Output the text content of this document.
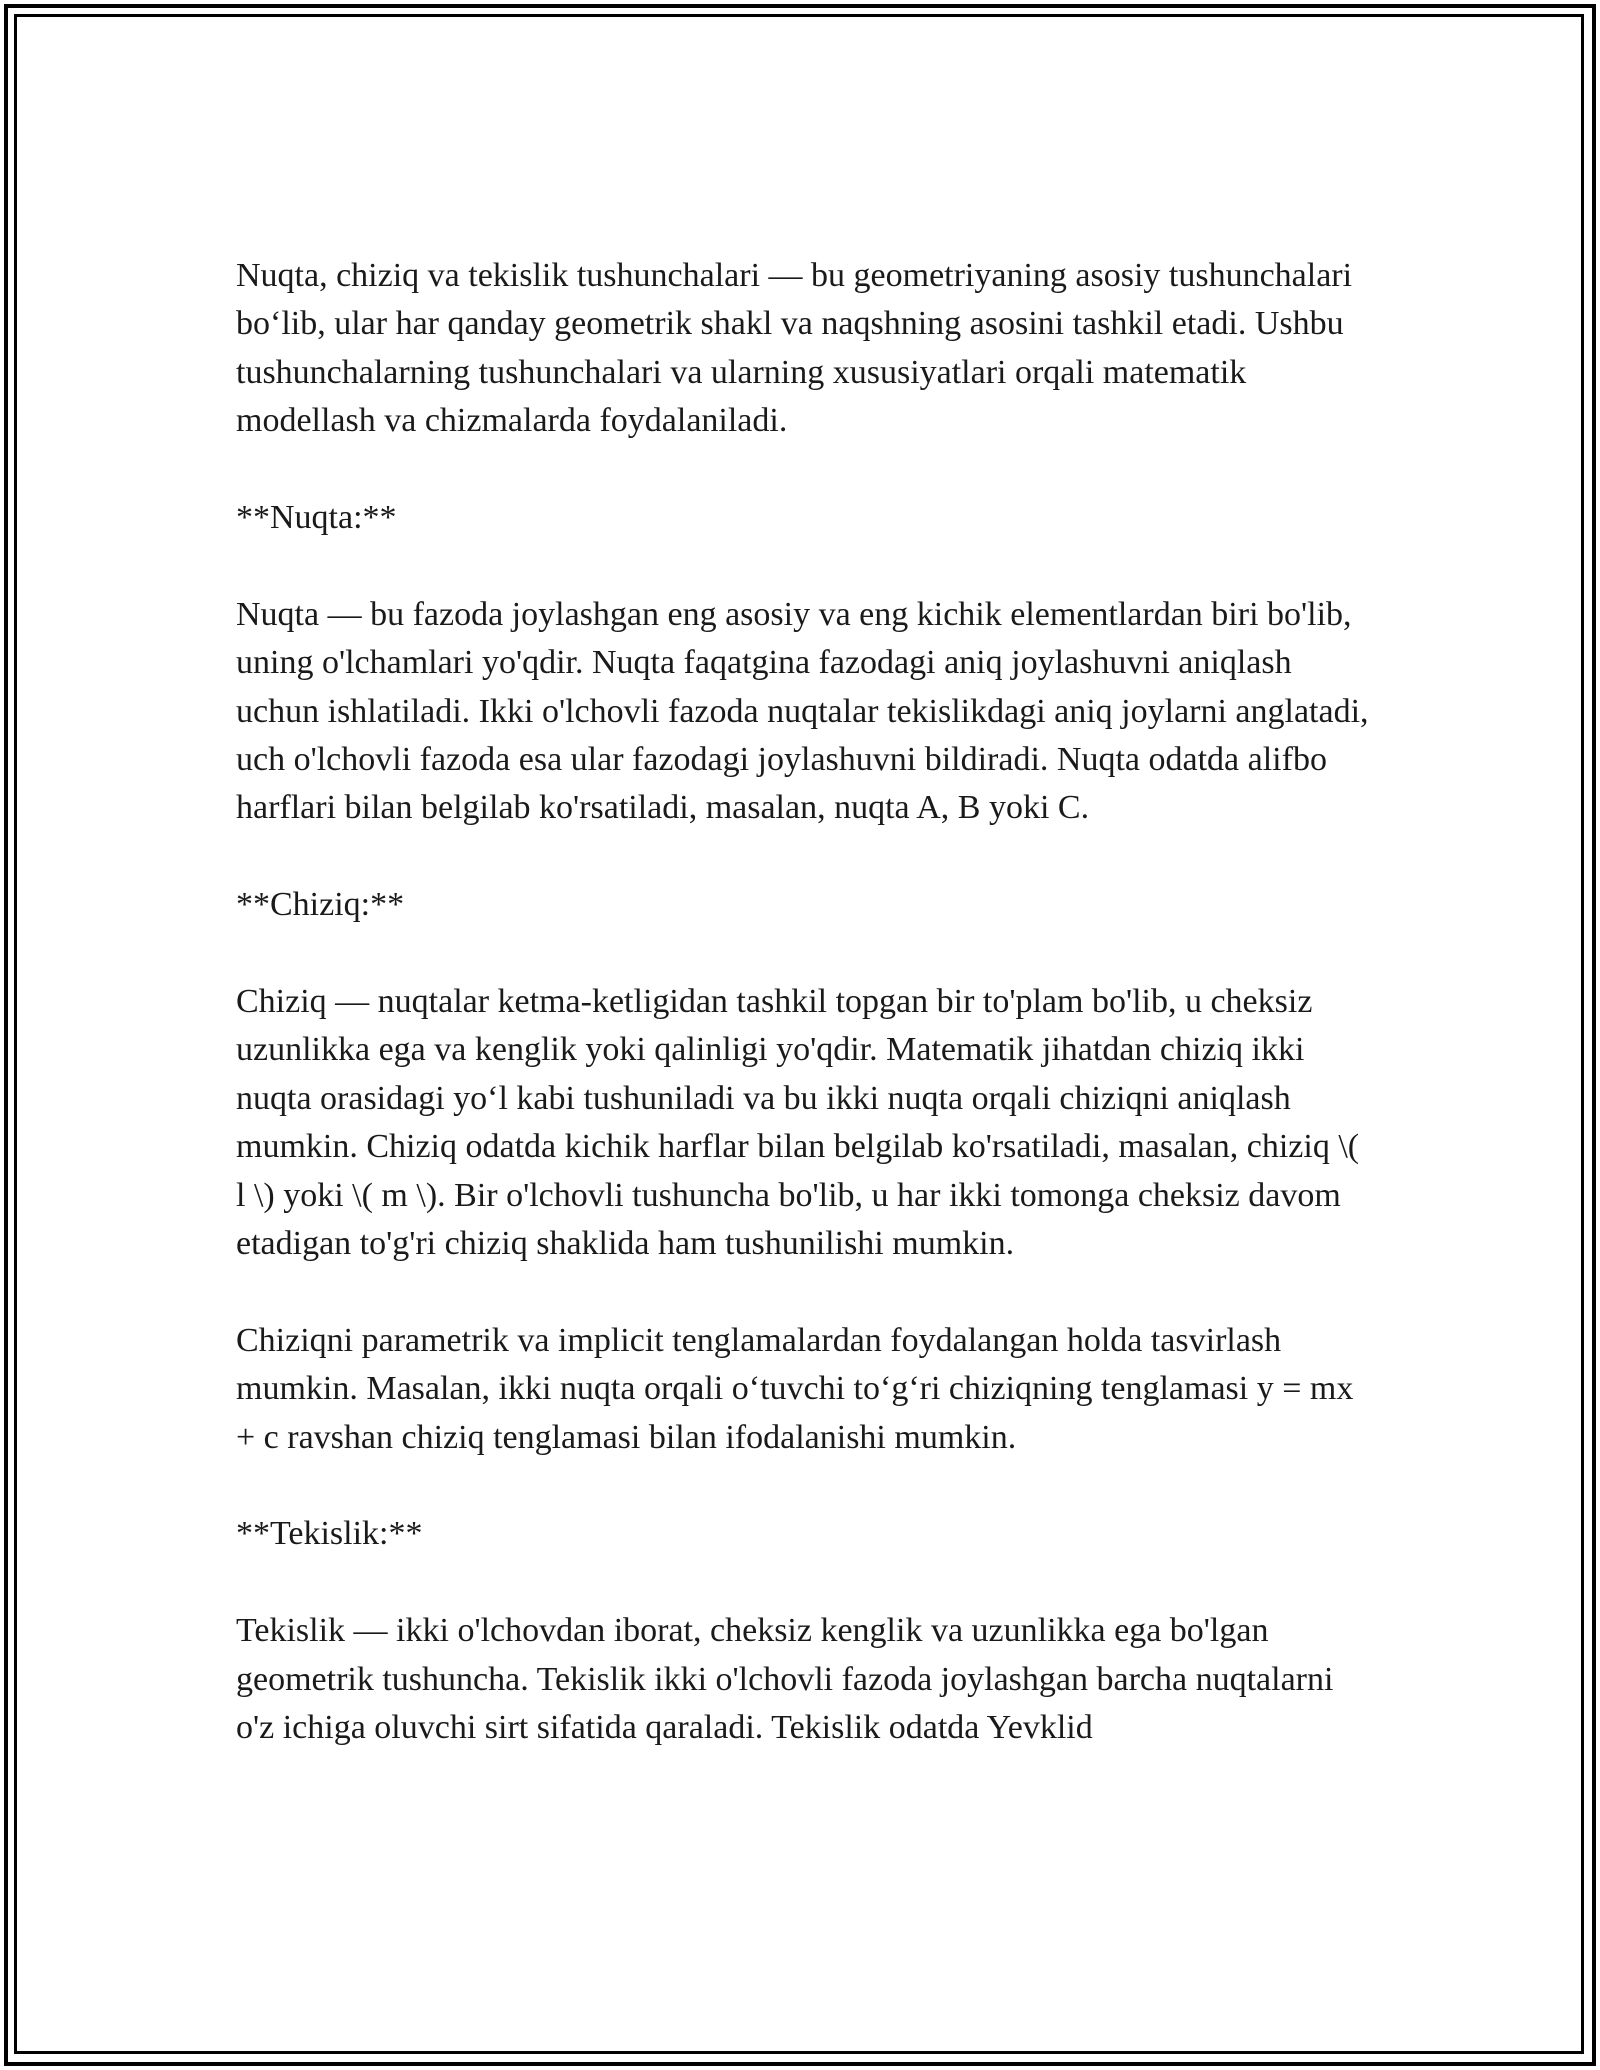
Nuqta, chiziq va tekislik tushunchalari — bu geometriyaning asosiy tushunchalari bo‘lib, ular har qanday geometrik shakl va naqshning asosini tashkil etadi. Ushbu tushunchalarning tushunchalari va ularning xususiyatlari orqali matematik modellash va chizmalarda foydalaniladi.

**Nuqta:**

Nuqta — bu fazoda joylashgan eng asosiy va eng kichik elementlardan biri bo'lib, uning o'lchamlari yo'qdir. Nuqta faqatgina fazodagi aniq joylashuvni aniqlash uchun ishlatiladi. Ikki o'lchovli fazoda nuqtalar tekislikdagi aniq joylarni anglatadi, uch o'lchovli fazoda esa ular fazodagi joylashuvni bildiradi. Nuqta odatda alifbo harflari bilan belgilab ko'rsatiladi, masalan, nuqta A, B yoki C.

**Chiziq:**

Chiziq — nuqtalar ketma-ketligidan tashkil topgan bir to'plam bo'lib, u cheksiz uzunlikka ega va kenglik yoki qalinligi yo'qdir. Matematik jihatdan chiziq ikki nuqta orasidagi yo‘l kabi tushuniladi va bu ikki nuqta orqali chiziqni aniqlash mumkin. Chiziq odatda kichik harflar bilan belgilab ko'rsatiladi, masalan, chiziq \( l \) yoki \( m \). Bir o'lchovli tushuncha bo'lib, u har ikki tomonga cheksiz davom etadigan to'g'ri chiziq shaklida ham tushunilishi mumkin.

Chiziqni parametrik va implicit tenglamalardan foydalangan holda tasvirlash mumkin. Masalan, ikki nuqta orqali o‘tuvchi to‘g‘ri chiziqning tenglamasi y = mx + c ravshan chiziq tenglamasi bilan ifodalanishi mumkin.

**Tekislik:**

Tekislik — ikki o'lchovdan iborat, cheksiz kenglik va uzunlikka ega bo'lgan geometrik tushuncha. Tekislik ikki o'lchovli fazoda joylashgan barcha nuqtalarni o'z ichiga oluvchi sirt sifatida qaraladi. Tekislik odatda Yevklid
